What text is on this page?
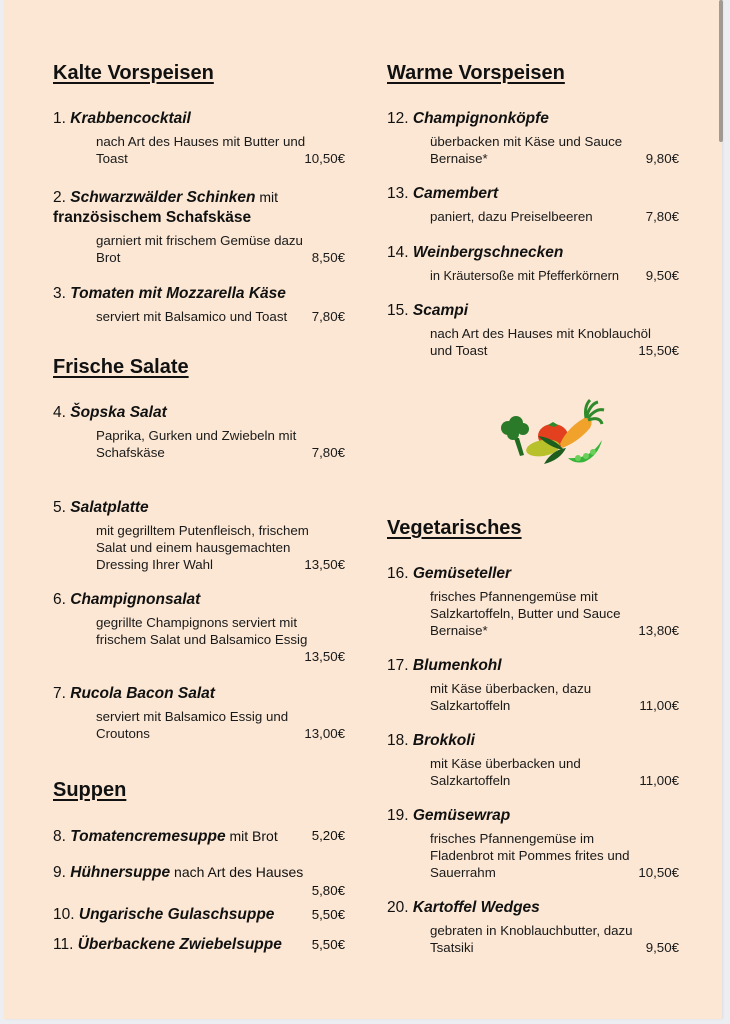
Kalte Vorspeisen
1. Krabbencocktail
nach Art des Hauses mit Butter und
Toast	10,50€
2. Schwarzwälder Schinken mit
französischem Schafskäse
garniert mit frischem Gemüse dazu
Brot	8,50€
3. Tomaten mit Mozzarella Käse
serviert mit Balsamico und Toast	7,80€
Frische Salate
4. Šopska Salat
Paprika, Gurken und Zwiebeln mit
Schafskäse	7,80€
5. Salatplatte
mit gegrilltem Putenfleisch, frischem
Salat und einem hausgemachten
Dressing Ihrer Wahl	13,50€
6. Champignonsalat
gegrillte Champignons serviert mit
frischem Salat und Balsamico Essig

13,50€
7. Rucola Bacon Salat
serviert mit Balsamico Essig und
Croutons	13,00€
Suppen
8. Tomatencremesuppe mit Brot	5,20€
9. Hühnersuppe nach Art des Hauses
5,80€
10. Ungarische Gulaschsuppe	5,50€
11. Überbackene Zwiebelsuppe 5,50€
Warme Vorspeisen
12. Champignonköpfe
überbacken mit Käse und Sauce
Bernaise*	9,80€
13. Camembert
paniert, dazu Preiselbeeren	7,80€
14. Weinbergschnecken
in Kräutersoße mit Pfefferkörnern	9,50€
15. Scampi
nach Art des Hauses mit Knoblauchöl
und Toast	15,50€
Vegetarisches
16. Gemüseteller
frisches Pfannengemüse mit
Salzkartoffeln, Butter und Sauce
Bernaise*	13,80€
17. Blumenkohl
mit Käse überbacken, dazu
Salzkartoffeln	11,00€
18. Brokkoli
mit Käse überbacken und
Salzkartoffeln	11,00€
19. Gemüsewrap
frisches Pfannengemüse im
Fladenbrot mit Pommes frites und
Sauerrahm	10,50€
20. Kartoffel Wedges
gebraten in Knoblauchbutter, dazu
Tsatsiki	9,50€
